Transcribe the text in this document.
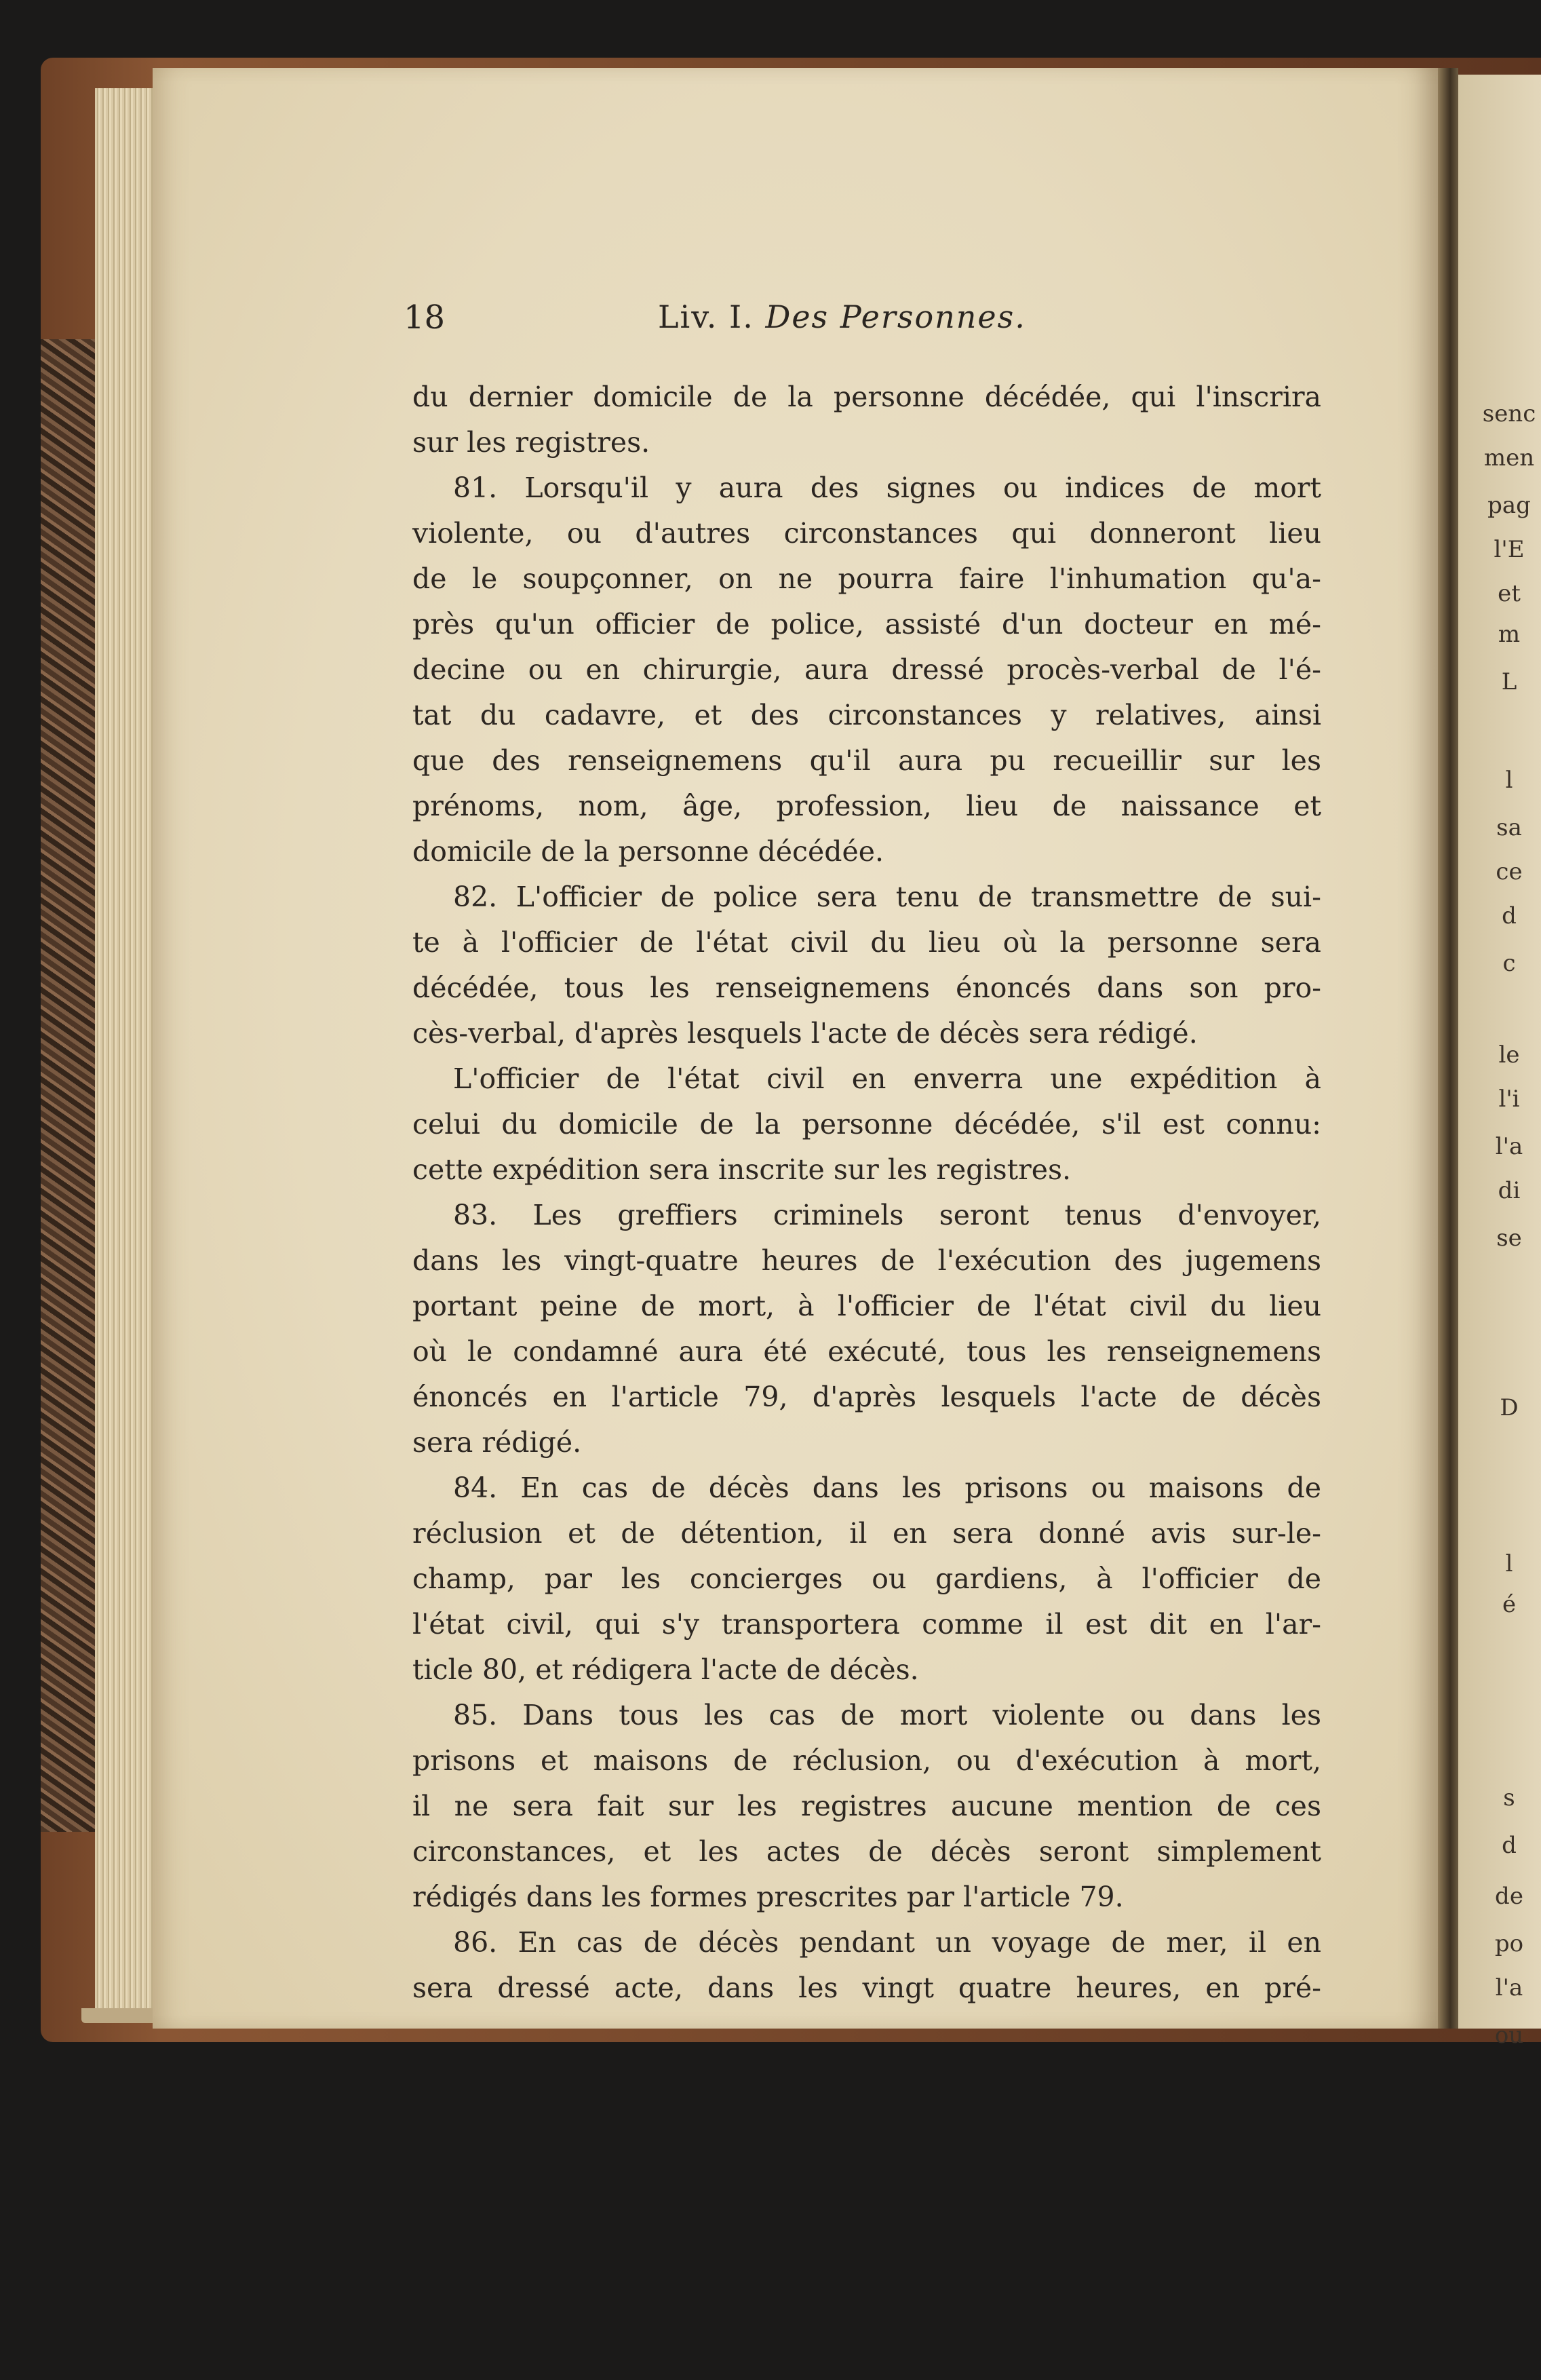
senc
men
pag
l'E
et
m
L
l
sa
ce
d
c
le
l'i
l'a
di
se
D
l
é
s
d
de
po
l'a
ou
18	Liv. I. Des Personnes.
du dernier domicile de la personne décédée, qui l'inscrira
sur les registres.
81. Lorsqu'il y aura des signes ou indices de mort
violente, ou d'autres circonstances qui donneront lieu
de le soupçonner, on ne pourra faire l'inhumation qu'a-
près qu'un officier de police, assisté d'un docteur en mé-
decine ou en chirurgie, aura dressé procès-verbal de l'é-
tat du cadavre, et des circonstances y relatives, ainsi
que des renseignemens qu'il aura pu recueillir sur les
prénoms, nom, âge, profession, lieu de naissance et
domicile de la personne décédée.
82. L'officier de police sera tenu de transmettre de sui-
te à l'officier de l'état civil du lieu où la personne sera
décédée, tous les renseignemens énoncés dans son pro-
cès-verbal, d'après lesquels l'acte de décès sera rédigé.
L'officier de l'état civil en enverra une expédition à
celui du domicile de la personne décédée, s'il est connu:
cette expédition sera inscrite sur les registres.
83. Les greffiers criminels seront tenus d'envoyer,
dans les vingt-quatre heures de l'exécution des jugemens
portant peine de mort, à l'officier de l'état civil du lieu
où le condamné aura été exécuté, tous les renseignemens
énoncés en l'article 79, d'après lesquels l'acte de décès
sera rédigé.
84. En cas de décès dans les prisons ou maisons de
réclusion et de détention, il en sera donné avis sur-le-
champ, par les concierges ou gardiens, à l'officier de
l'état civil, qui s'y transportera comme il est dit en l'ar-
ticle 80, et rédigera l'acte de décès.
85. Dans tous les cas de mort violente ou dans les
prisons et maisons de réclusion, ou d'exécution à mort,
il ne sera fait sur les registres aucune mention de ces
circonstances, et les actes de décès seront simplement
rédigés dans les formes prescrites par l'article 79.
86. En cas de décès pendant un voyage de mer, il en
sera dressé acte, dans les vingt quatre heures, en pré-
